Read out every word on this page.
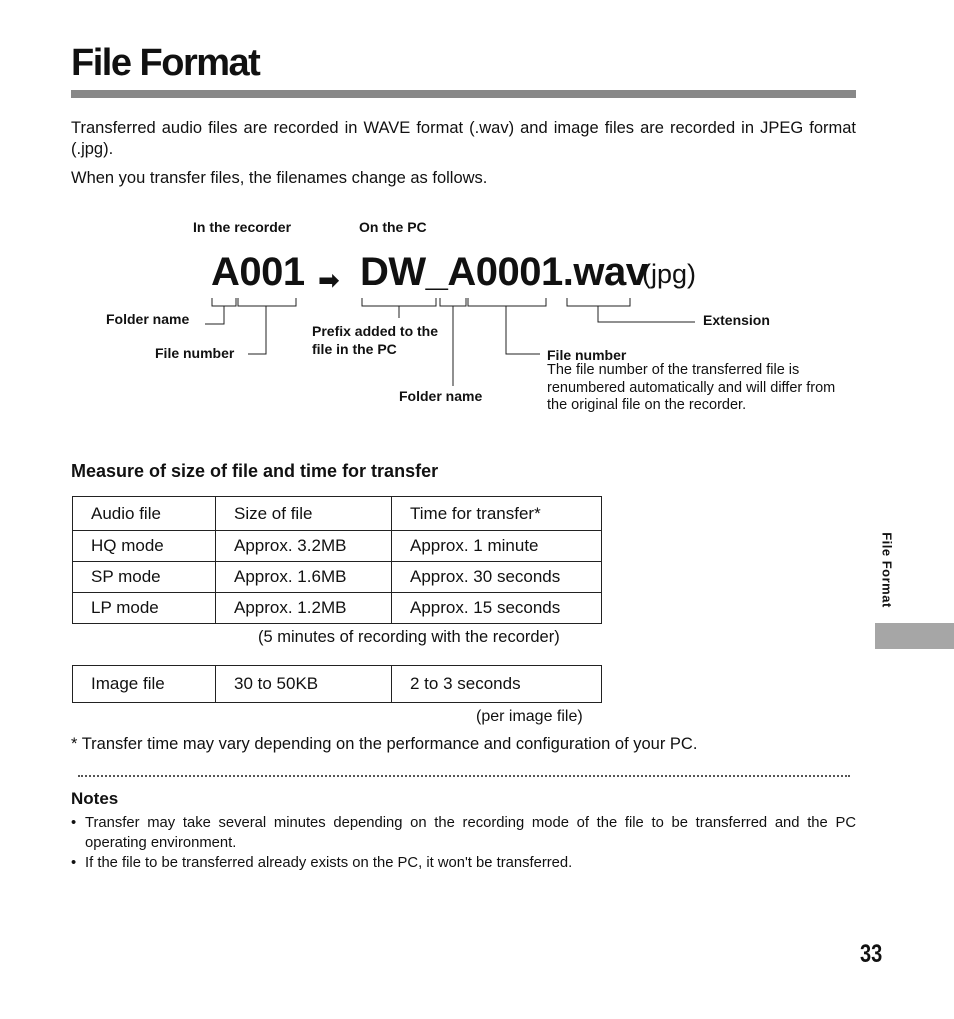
File Format

Transferred audio files are recorded in WAVE format (.wav) and image files are recorded in JPEG format (.jpg).

When you transfer files, the filenames change as follows.

In the recorder	On the PC
A001 ➡ DW_A0001.wav
(jpg)
Folder name
File number
Prefix added to the file in the PC
Folder name
Extension
File number
The file number of the transferred file is renumbered automatically and will differ from the original file on the recorder.
Measure of size of file and time for transfer
Audio file	Size of file	Time for transfer*
HQ mode	Approx. 3.2MB	Approx. 1 minute
SP mode	Approx. 1.6MB	Approx. 30 seconds
LP mode	Approx. 1.2MB	Approx. 15 seconds
(5 minutes of recording with the recorder)
Image file	30 to 50KB	2 to 3 seconds
(per image file)
* Transfer time may vary depending on the performance and configuration of your PC.
Notes
• Transfer may take several minutes depending on the recording mode of the file to be transferred and the PC operating environment.
• If the file to be transferred already exists on the PC, it won't be transferred.
File Format
33
